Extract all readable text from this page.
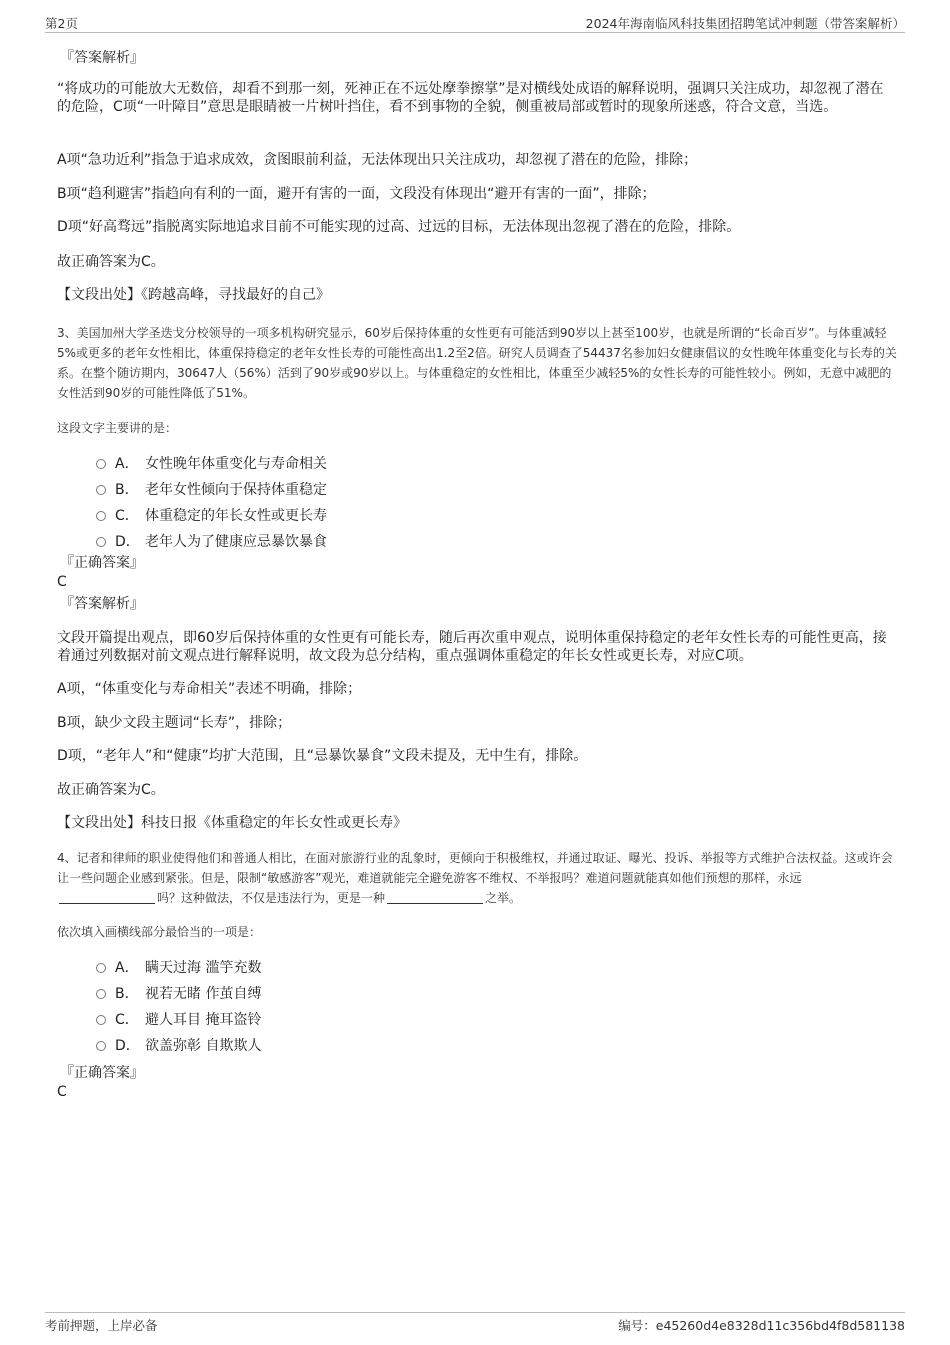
第2页	2024年海南临风科技集团招聘笔试冲刺题（带答案解析）

『答案解析』

“将成功的可能放大无数倍，却看不到那一刻，死神正在不远处摩拳擦掌”是对横线处成语的解释说明，强调只关注成功，却忽视了潜在的危险，C项“一叶障目”意思是眼睛被一片树叶挡住，看不到事物的全貌，侧重被局部或暂时的现象所迷惑，符合文意，当选。

A项“急功近利”指急于追求成效，贪图眼前利益，无法体现出只关注成功，却忽视了潜在的危险，排除；

B项“趋利避害”指趋向有利的一面，避开有害的一面，文段没有体现出“避开有害的一面”，排除；

D项“好高骛远”指脱离实际地追求目前不可能实现的过高、过远的目标，无法体现出忽视了潜在的危险，排除。

故正确答案为C。

【文段出处】《跨越高峰，寻找最好的自己》

3、美国加州大学圣迭戈分校领导的一项多机构研究显示，60岁后保持体重的女性更有可能活到90岁以上甚至100岁，也就是所谓的“长命百岁”。与体重减轻5%或更多的老年女性相比，体重保持稳定的老年女性长寿的可能性高出1.2至2倍。研究人员调查了54437名参加妇女健康倡议的女性晚年体重变化与长寿的关系。在整个随访期内，30647人（56%）活到了90岁或90岁以上。与体重稳定的女性相比，体重至少减轻5%的女性长寿的可能性较小。例如，无意中减肥的女性活到90岁的可能性降低了51%。

这段文字主要讲的是：

A． 女性晚年体重变化与寿命相关
B． 老年女性倾向于保持体重稳定
C． 体重稳定的年长女性或更长寿
D． 老年人为了健康应忌暴饮暴食

『正确答案』

C

『答案解析』

文段开篇提出观点，即60岁后保持体重的女性更有可能长寿，随后再次重申观点，说明体重保持稳定的老年女性长寿的可能性更高，接着通过列数据对前文观点进行解释说明，故文段为总分结构，重点强调体重稳定的年长女性或更长寿，对应C项。

A项，“体重变化与寿命相关”表述不明确，排除；

B项，缺少文段主题词“长寿”，排除；

D项，“老年人”和“健康”均扩大范围，且“忌暴饮暴食”文段未提及，无中生有，排除。

故正确答案为C。

【文段出处】科技日报《体重稳定的年长女性或更长寿》

4、记者和律师的职业使得他们和普通人相比，在面对旅游行业的乱象时，更倾向于积极维权，并通过取证、曝光、投诉、举报等方式维护合法权益。这或许会让一些问题企业感到紧张。但是，限制“敏感游客”观光，难道就能完全避免游客不维权、不举报吗？难道问题就能真如他们预想的那样，永远吗？这种做法，不仅是违法行为，更是一种	之举。

依次填入画横线部分最恰当的一项是：

A． 瞒天过海 滥竽充数
B． 视若无睹 作茧自缚
C． 避人耳目 掩耳盗铃
D． 欲盖弥彰 自欺欺人

『正确答案』

C

考前押题，上岸必备	编号：e45260d4e8328d11c356bd4f8d581138
